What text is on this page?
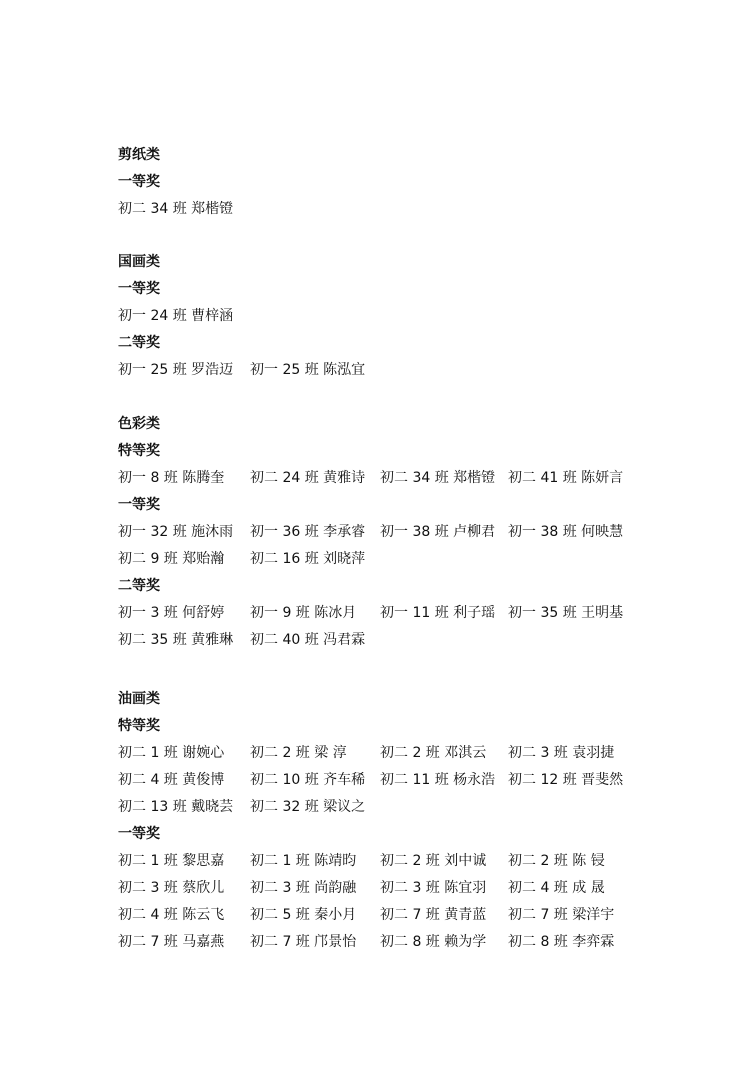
剪纸类
一等奖
初二 34 班 郑楷镫
国画类
一等奖
初一 24 班 曹梓涵
二等奖
初一 25 班 罗浩迈 初一 25 班 陈泓宜
色彩类
特等奖
初一 8 班 陈腾奎 初二 24 班 黄雅诗 初二 34 班 郑楷镫 初二 41 班 陈妍言
一等奖
初一 32 班 施沐雨 初一 36 班 李承睿 初一 38 班 卢柳君 初一 38 班 何映慧
初二 9 班 郑贻瀚 初二 16 班 刘晓萍
二等奖
初一 3 班 何舒婷 初一 9 班 陈冰月 初一 11 班 利子瑶 初一 35 班 王明基
初二 35 班 黄雅琳 初二 40 班 冯君霖
油画类
特等奖
初二 1 班 谢婉心 初二 2 班 梁 淳 初二 2 班 邓淇云 初二 3 班 袁羽捷
初二 4 班 黄俊博 初二 10 班 齐车稀 初二 11 班 杨永浩 初二 12 班 晋斐然
初二 13 班 戴晓芸 初二 32 班 梁议之
一等奖
初二 1 班 黎思嘉 初二 1 班 陈靖昀 初二 2 班 刘中诚 初二 2 班 陈 锓
初二 3 班 蔡欣儿 初二 3 班 尚韵融 初二 3 班 陈宜羽 初二 4 班 成 晟
初二 4 班 陈云飞 初二 5 班 秦小月 初二 7 班 黄青蓝 初二 7 班 梁洋宇
初二 7 班 马嘉燕 初二 7 班 邝景怡 初二 8 班 赖为学 初二 8 班 李弈霖
